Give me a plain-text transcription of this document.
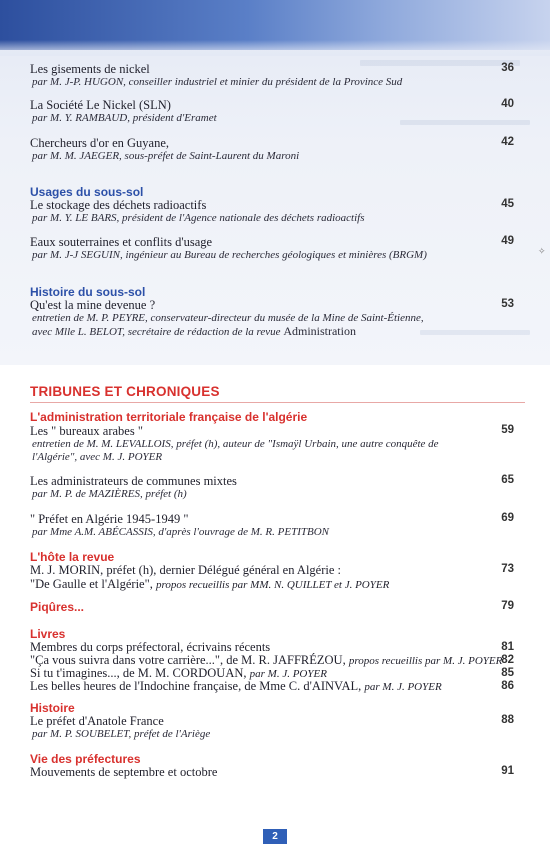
Les gisements de nickel
par M. J-P. HUGON, conseiller industriel et minier du président de la Province Sud
36
La Société Le Nickel (SLN)
par M. Y. RAMBAUD, président d'Eramet
40
Chercheurs d'or en Guyane,
par M. M. JAEGER, sous-préfet de Saint-Laurent du Maroni
42
Usages du sous-sol
Le stockage des déchets radioactifs
par M. Y. LE BARS, président de l'Agence nationale des déchets radioactifs
45
Eaux souterraines et conflits d'usage
par M. J-J SEGUIN, ingénieur au Bureau de recherches géologiques et minières (BRGM)
49
✧
Histoire du sous-sol
Qu'est la mine devenue ?
entretien de M. P. PEYRE, conservateur-directeur du musée de la Mine de Saint-Étienne,
avec Mlle L. BELOT, secrétaire de rédaction de la revue Administration
53
TRIBUNES ET CHRONIQUES
L'administration territoriale française de l'algérie
Les " bureaux arabes "
entretien de M. M. LEVALLOIS, préfet (h), auteur de "Ismaÿl Urbain, une autre conquête de
l'Algérie", avec M. J. POYER
59
Les administrateurs de communes mixtes
par M. P. de MAZIÈRES, préfet (h)
65
" Préfet en Algérie 1945-1949 "
par Mme A.M. ABÉCASSIS, d'après l'ouvrage de M. R. PETITBON
69
L'hôte la revue
M. J. MORIN, préfet (h), dernier Délégué général en Algérie :
"De Gaulle et l'Algérie", propos recueillis par MM. N. QUILLET et J. POYER
73
Piqûres...	79
Livres
Membres du corps préfectoral, écrivains récents	81
"Ça vous suivra dans votre carrière...", de M. R. JAFFRÉZOU, propos recueillis par M. J. POYER
82
Si tu t'imagines..., de M. M. CORDOUAN, par M. J. POYER	85
Les belles heures de l'Indochine française, de Mme C. d'AINVAL, par M. J. POYER	86
Histoire
Le préfet d'Anatole France
par M. P. SOUBELET, préfet de l'Ariège
88
Vie des préfectures
Mouvements de septembre et octobre	91
2
